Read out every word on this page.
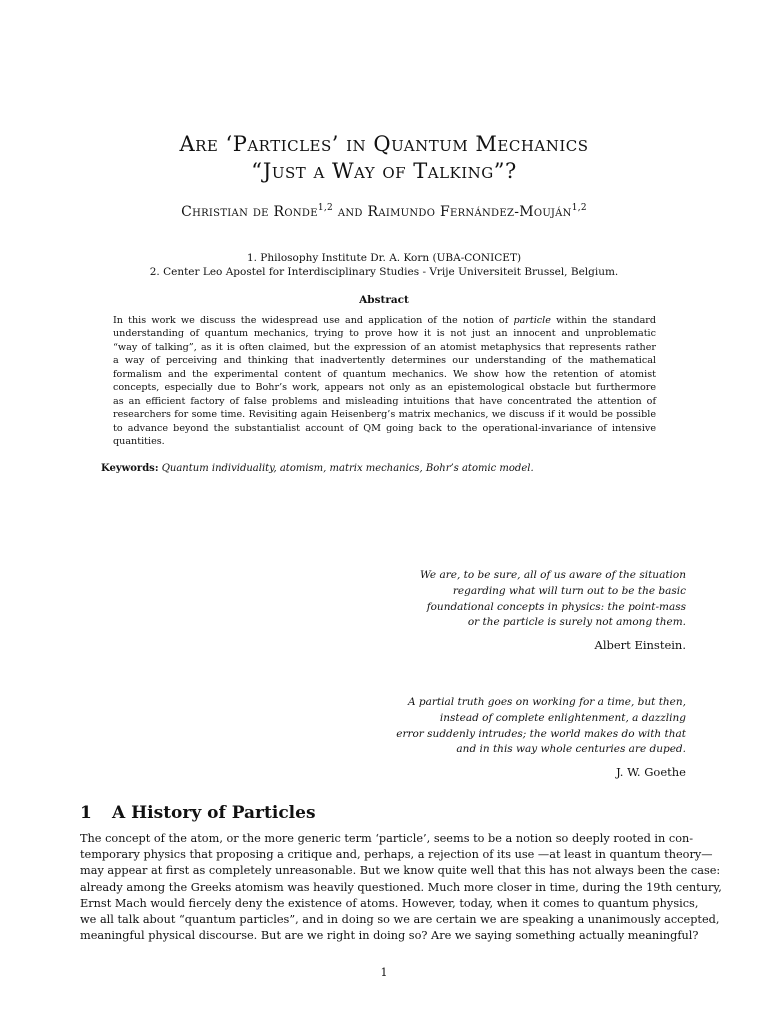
Are ‘Particles’ in Quantum Mechanics
“Just a Way of Talking”?
Christian de Ronde$^{1,2}$ and Raimundo Fernández-Mouján$^{1,2}$
1. Philosophy Institute Dr. A. Korn (UBA-CONICET)
2. Center Leo Apostel for Interdisciplinary Studies - Vrije Universiteit Brussel, Belgium.
Abstract
In this work we discuss the widespread use and application of the notion of particle within the standard
understanding of quantum mechanics, trying to prove how it is not just an innocent and unproblematic
“way of talking”, as it is often claimed, but the expression of an atomist metaphysics that represents rather
a way of perceiving and thinking that inadvertently determines our understanding of the mathematical
formalism and the experimental content of quantum mechanics. We show how the retention of atomist
concepts, especially due to Bohr’s work, appears not only as an epistemological obstacle but furthermore
as an efficient factory of false problems and misleading intuitions that have concentrated the attention of
researchers for some time. Revisiting again Heisenberg’s matrix mechanics, we discuss if it would be possible
to advance beyond the substantialist account of QM going back to the operational-invariance of intensive
quantities.
Keywords: Quantum individuality, atomism, matrix mechanics, Bohr’s atomic model.
We are, to be sure, all of us aware of the situation
regarding what will turn out to be the basic
foundational concepts in physics: the point-mass
or the particle is surely not among them.
Albert Einstein.
A partial truth goes on working for a time, but then,
instead of complete enlightenment, a dazzling
error suddenly intrudes; the world makes do with that
and in this way whole centuries are duped.
J. W. Goethe
1 A History of Particles
The concept of the atom, or the more generic term ‘particle’, seems to be a notion so deeply rooted in con-
temporary physics that proposing a critique and, perhaps, a rejection of its use —at least in quantum theory—
may appear at first as completely unreasonable. But we know quite well that this has not always been the case:
already among the Greeks atomism was heavily questioned. Much more closer in time, during the 19th century,
Ernst Mach would fiercely deny the existence of atoms. However, today, when it comes to quantum physics,
we all talk about “quantum particles”, and in doing so we are certain we are speaking a unanimously accepted,
meaningful physical discourse. But are we right in doing so? Are we saying something actually meaningful?
1
